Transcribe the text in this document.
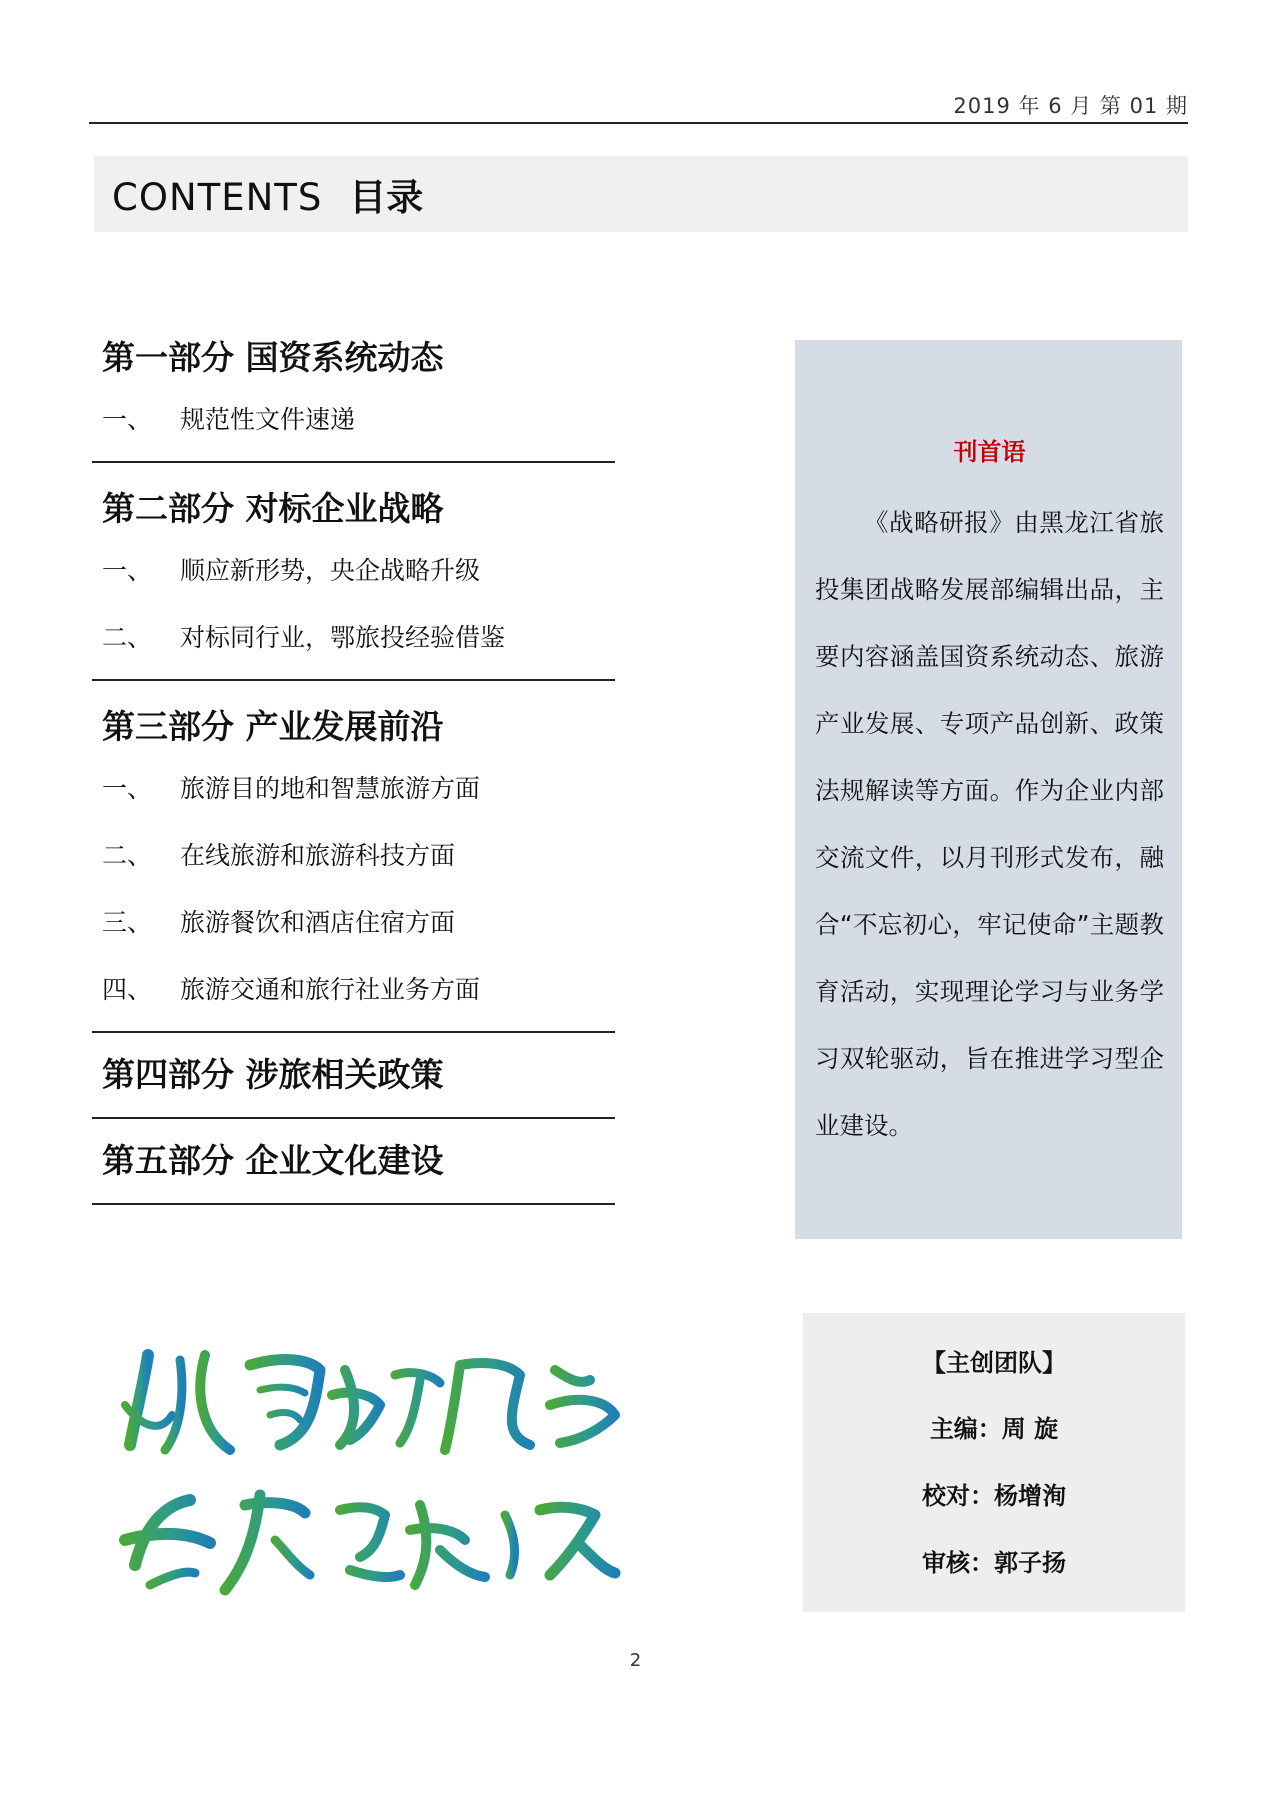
2019 年 6 月 第 01 期
CONTENTS 目录
第一部分 国资系统动态
一、	规范性文件速递
第二部分 对标企业战略
一、	顺应新形势，央企战略升级
二、	对标同行业，鄂旅投经验借鉴
第三部分 产业发展前沿
一、	旅游目的地和智慧旅游方面
二、	在线旅游和旅游科技方面
三、	旅游餐饮和酒店住宿方面
四、	旅游交通和旅行社业务方面
第四部分 涉旅相关政策
第五部分 企业文化建设
刊首语
《战略研报》由黑龙江省旅投集团战略发展部编辑出品，主要内容涵盖国资系统动态、旅游产业发展、专项产品创新、政策法规解读等方面。作为企业内部交流文件，以月刊形式发布，融合“不忘初心，牢记使命”主题教育活动，实现理论学习与业务学习双轮驱动，旨在推进学习型企业建设。
【主创团队】
主编：周 旋
校对：杨增洵
审核：郭子扬
2
